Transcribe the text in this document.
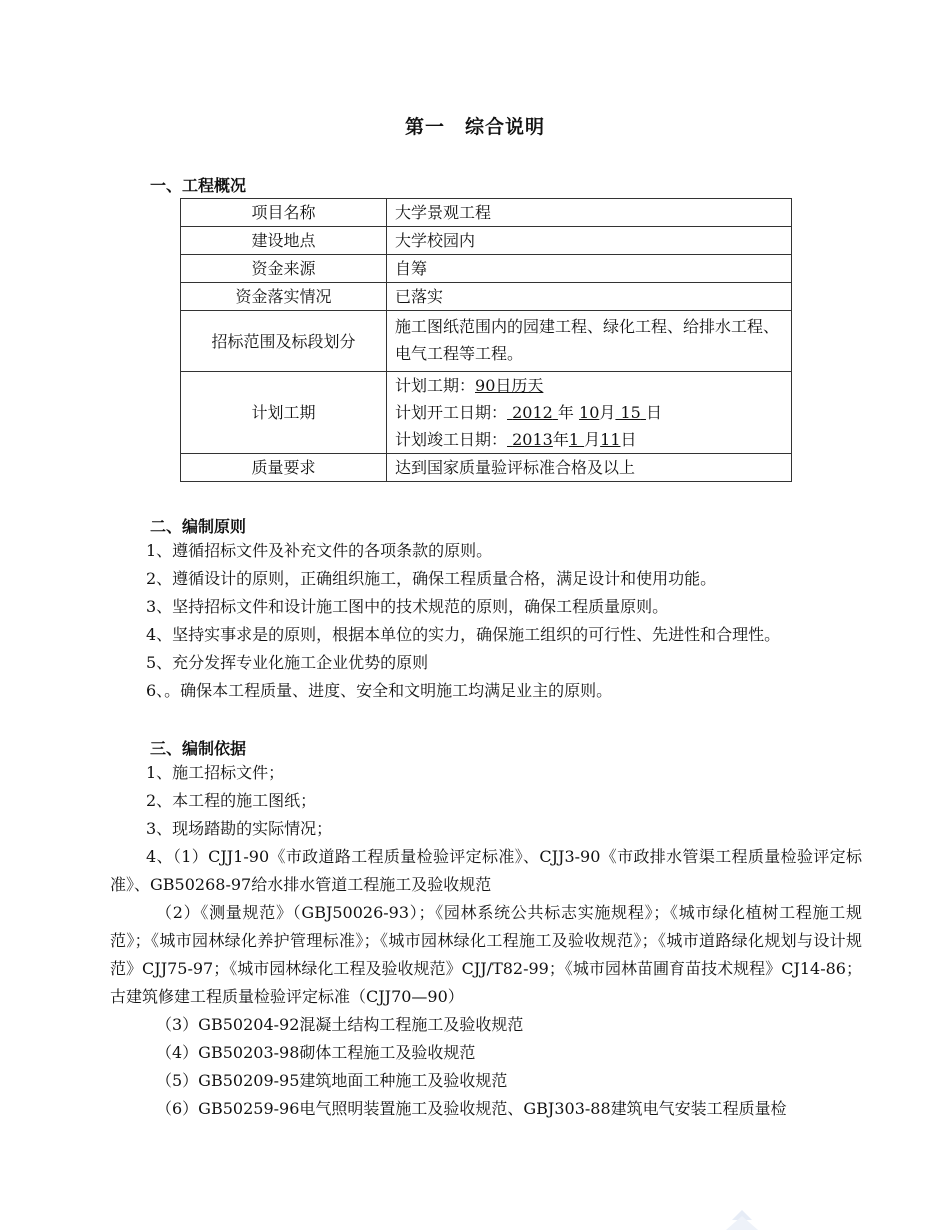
第一　综合说明
一、工程概况
项目名称	大学景观工程
建设地点	大学校园内
资金来源	自筹
资金落实情况	已落实
招标范围及标段划分	施工图纸范围内的园建工程、绿化工程、给排水工程、电气工程等工程。
计划工期	计划工期：90日历天
计划开工日期： 2012 年 10月 15 日
计划竣工日期： 2013年1 月11日

质量要求	达到国家质量验评标准合格及以上
二、编制原则

1、遵循招标文件及补充文件的各项条款的原则。

2、遵循设计的原则，正确组织施工，确保工程质量合格，满足设计和使用功能。

3、坚持招标文件和设计施工图中的技术规范的原则，确保工程质量原则。

4、坚持实事求是的原则，根据本单位的实力，确保施工组织的可行性、先进性和合理性。

5、充分发挥专业化施工企业优势的原则

6、。确保本工程质量、进度、安全和文明施工均满足业主的原则。

三、编制依据

1、施工招标文件；

2、本工程的施工图纸；

3、现场踏勘的实际情况；

4、（1）CJJ1-90《市政道路工程质量检验评定标准》、CJJ3-90《市政排水管渠工程质量检验评定标准》、GB50268-97给水排水管道工程施工及验收规范

（2）《测量规范》（GBJ50026-93）；《园林系统公共标志实施规程》；《城市绿化植树工程施工规范》；《城市园林绿化养护管理标准》；《城市园林绿化工程施工及验收规范》；《城市道路绿化规划与设计规范》CJJ75-97；《城市园林绿化工程及验收规范》CJJ/T82-99；《城市园林苗圃育苗技术规程》CJ14-86；古建筑修建工程质量检验评定标准（CJJ70—90）

（3）GB50204-92混凝土结构工程施工及验收规范

（4）GB50203-98砌体工程施工及验收规范

（5）GB50209-95建筑地面工种施工及验收规范

（6）GB50259-96电气照明装置施工及验收规范、GBJ303-88建筑电气安装工程质量检
